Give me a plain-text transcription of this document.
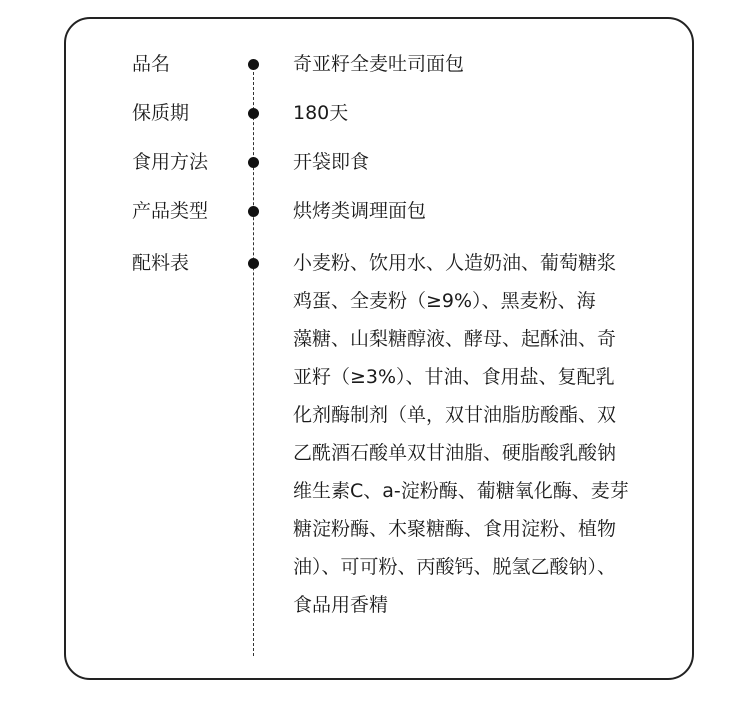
品名	奇亚籽全麦吐司面包
保质期	180天
食用方法	开袋即食
产品类型	烘烤类调理面包
配料表	小麦粉、饮用水、人造奶油、葡萄糖浆
鸡蛋、全麦粉（≥9%）、黑麦粉、海
藻糖、山梨糖醇液、酵母、起酥油、奇
亚籽（≥3%）、甘油、食用盐、复配乳
化剂酶制剂（单，双甘油脂肪酸酯、双
乙酰酒石酸单双甘油脂、硬脂酸乳酸钠
维生素C、a-淀粉酶、葡糖氧化酶、麦芽
糖淀粉酶、木聚糖酶、食用淀粉、植物
油）、可可粉、丙酸钙、脱氢乙酸钠）、
食品用香精
